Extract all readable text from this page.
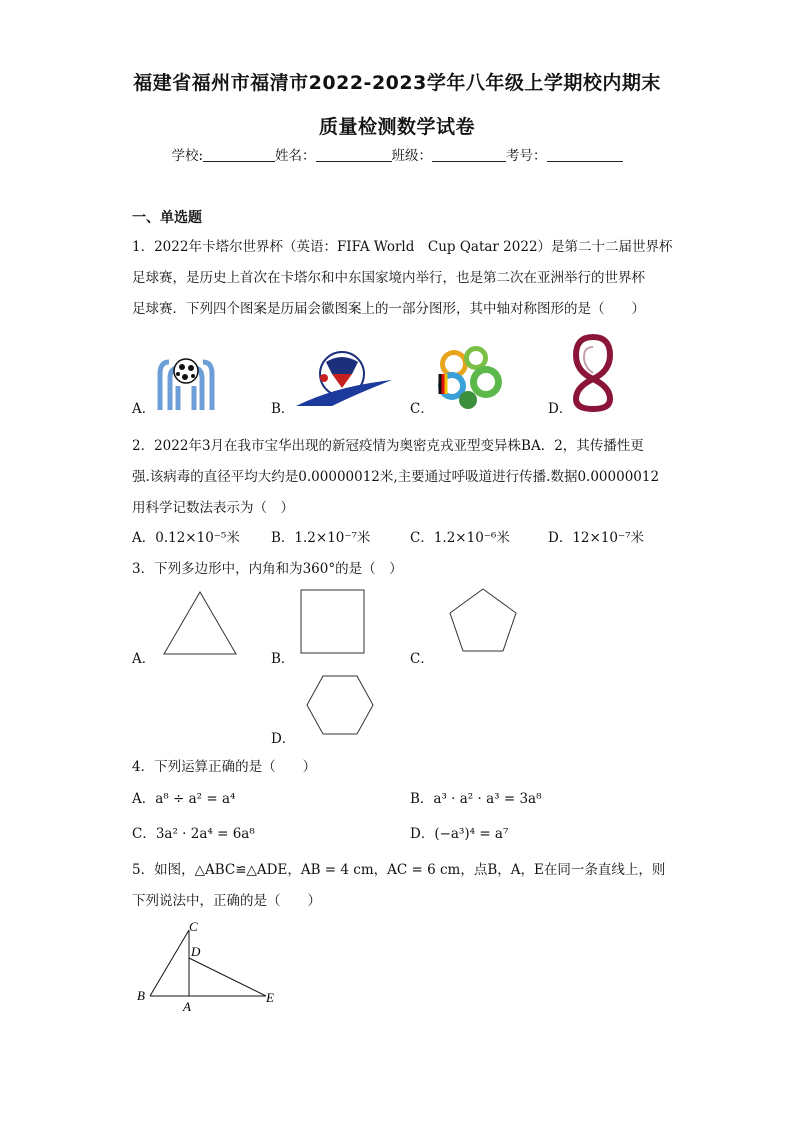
福建省福州市福清市2022-2023学年八年级上学期校内期末
质量检测数学试卷
学校:	姓名：	班级：	考号：
一、单选题
1．2022年卡塔尔世界杯（英语：FIFA World　Cup Qatar 2022）是第二十二届世界杯
足球赛，是历史上首次在卡塔尔和中东国家境内举行，也是第二次在亚洲举行的世界杯
足球赛．下列四个图案是历届会徽图案上的一部分图形，其中轴对称图形的是（　　）
A．	B．	C．	D．
2．2022年3月在我市宝华出现的新冠疫情为奥密克戎亚型变异株BA．2，其传播性更
强.该病毒的直径平均大约是0.00000012米,主要通过呼吸道进行传播.数据0.00000012
用科学记数法表示为（　）
A．0.12×10⁻⁵米 B．1.2×10⁻⁷米	C．1.2×10⁻⁶米	D．12×10⁻⁷米
3．下列多边形中，内角和为360°的是（　）
A．	B．	C．
D．
4．下列运算正确的是（　　）
A．a⁸ ÷ a² = a⁴	B．a³ · a² · a³ = 3a⁸
C．3a² · 2a⁴ = 6a⁸	D．(−a³)⁴ = a⁷
5．如图，△ABC≌△ADE，AB = 4 cm，AC = 6 cm，点B，A，E在同一条直线上，则
下列说法中，正确的是（　　）
C
D
B
A
E
